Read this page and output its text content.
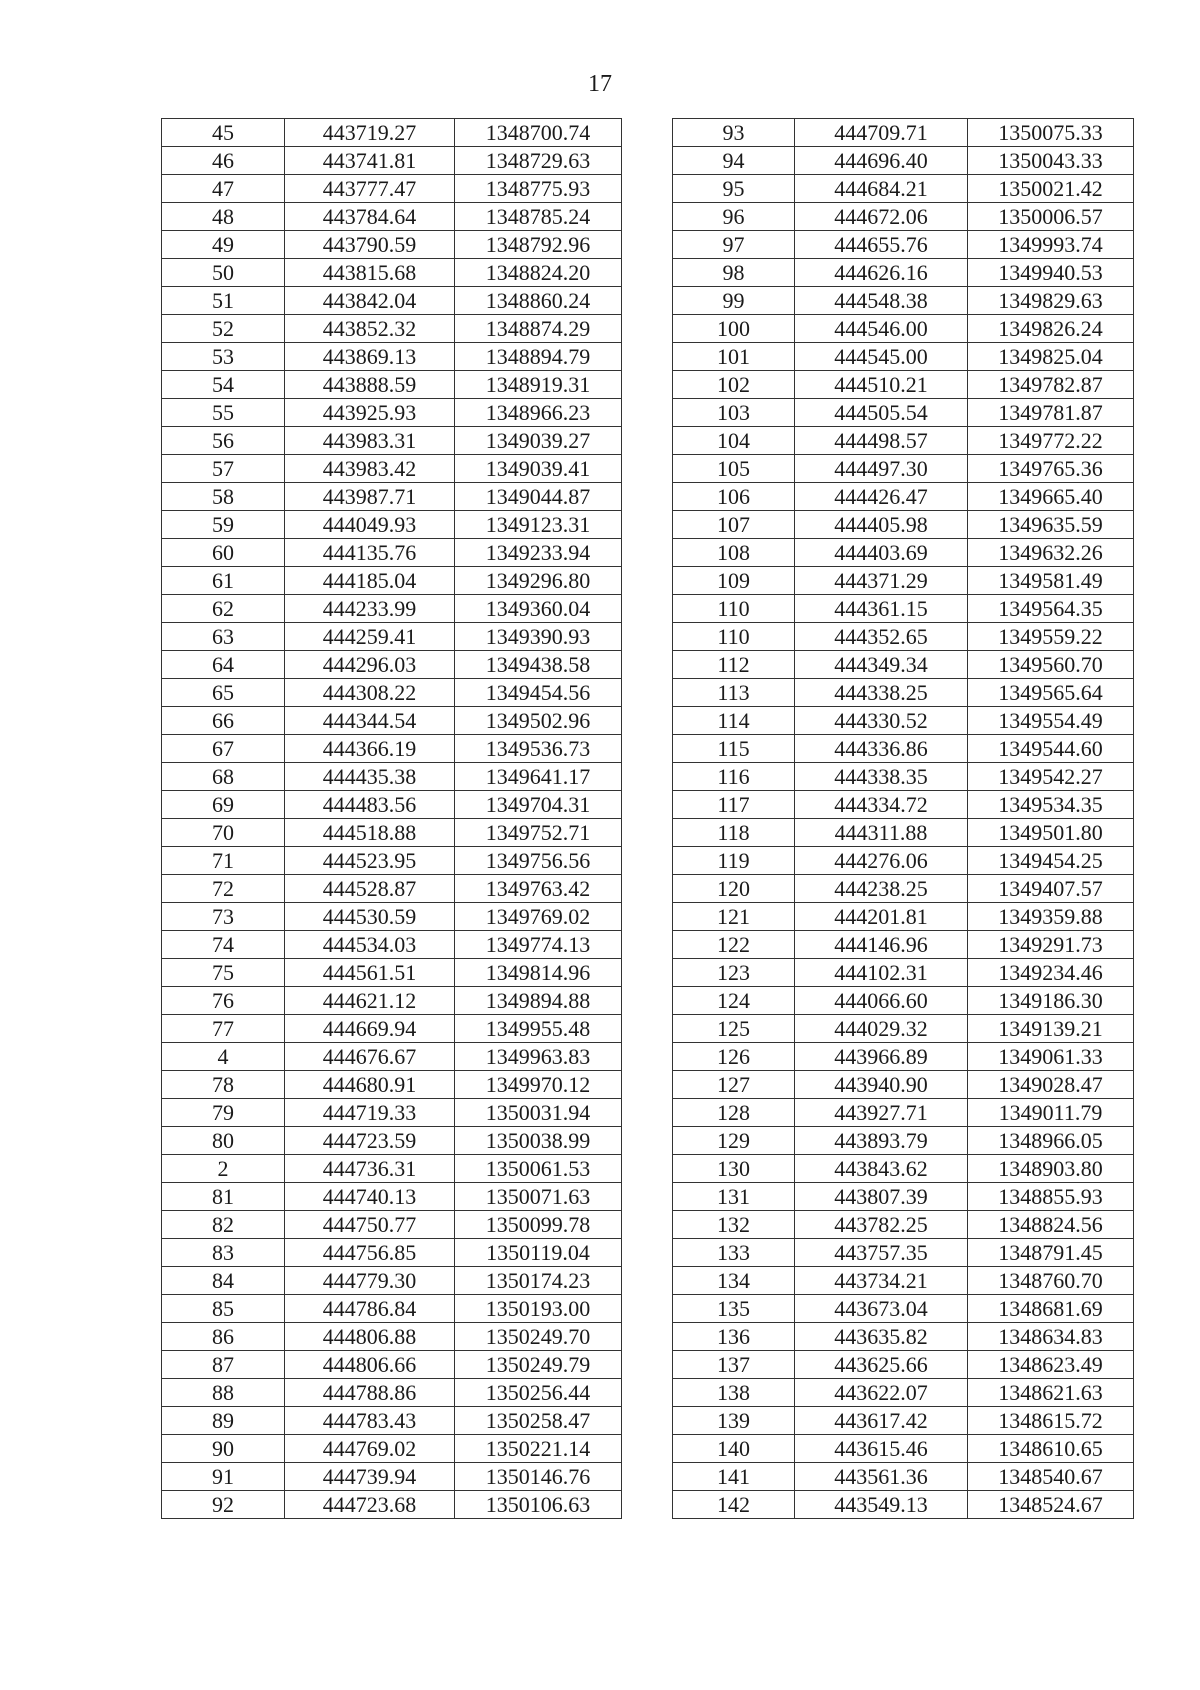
17
45	443719.27	1348700.74
46	443741.81	1348729.63
47	443777.47	1348775.93
48	443784.64	1348785.24
49	443790.59	1348792.96
50	443815.68	1348824.20
51	443842.04	1348860.24
52	443852.32	1348874.29
53	443869.13	1348894.79
54	443888.59	1348919.31
55	443925.93	1348966.23
56	443983.31	1349039.27
57	443983.42	1349039.41
58	443987.71	1349044.87
59	444049.93	1349123.31
60	444135.76	1349233.94
61	444185.04	1349296.80
62	444233.99	1349360.04
63	444259.41	1349390.93
64	444296.03	1349438.58
65	444308.22	1349454.56
66	444344.54	1349502.96
67	444366.19	1349536.73
68	444435.38	1349641.17
69	444483.56	1349704.31
70	444518.88	1349752.71
71	444523.95	1349756.56
72	444528.87	1349763.42
73	444530.59	1349769.02
74	444534.03	1349774.13
75	444561.51	1349814.96
76	444621.12	1349894.88
77	444669.94	1349955.48
4	444676.67	1349963.83
78	444680.91	1349970.12
79	444719.33	1350031.94
80	444723.59	1350038.99
2	444736.31	1350061.53
81	444740.13	1350071.63
82	444750.77	1350099.78
83	444756.85	1350119.04
84	444779.30	1350174.23
85	444786.84	1350193.00
86	444806.88	1350249.70
87	444806.66	1350249.79
88	444788.86	1350256.44
89	444783.43	1350258.47
90	444769.02	1350221.14
91	444739.94	1350146.76
92	444723.68	1350106.63
93	444709.71	1350075.33
94	444696.40	1350043.33
95	444684.21	1350021.42
96	444672.06	1350006.57
97	444655.76	1349993.74
98	444626.16	1349940.53
99	444548.38	1349829.63
100	444546.00	1349826.24
101	444545.00	1349825.04
102	444510.21	1349782.87
103	444505.54	1349781.87
104	444498.57	1349772.22
105	444497.30	1349765.36
106	444426.47	1349665.40
107	444405.98	1349635.59
108	444403.69	1349632.26
109	444371.29	1349581.49
110	444361.15	1349564.35
110	444352.65	1349559.22
112	444349.34	1349560.70
113	444338.25	1349565.64
114	444330.52	1349554.49
115	444336.86	1349544.60
116	444338.35	1349542.27
117	444334.72	1349534.35
118	444311.88	1349501.80
119	444276.06	1349454.25
120	444238.25	1349407.57
121	444201.81	1349359.88
122	444146.96	1349291.73
123	444102.31	1349234.46
124	444066.60	1349186.30
125	444029.32	1349139.21
126	443966.89	1349061.33
127	443940.90	1349028.47
128	443927.71	1349011.79
129	443893.79	1348966.05
130	443843.62	1348903.80
131	443807.39	1348855.93
132	443782.25	1348824.56
133	443757.35	1348791.45
134	443734.21	1348760.70
135	443673.04	1348681.69
136	443635.82	1348634.83
137	443625.66	1348623.49
138	443622.07	1348621.63
139	443617.42	1348615.72
140	443615.46	1348610.65
141	443561.36	1348540.67
142	443549.13	1348524.67
